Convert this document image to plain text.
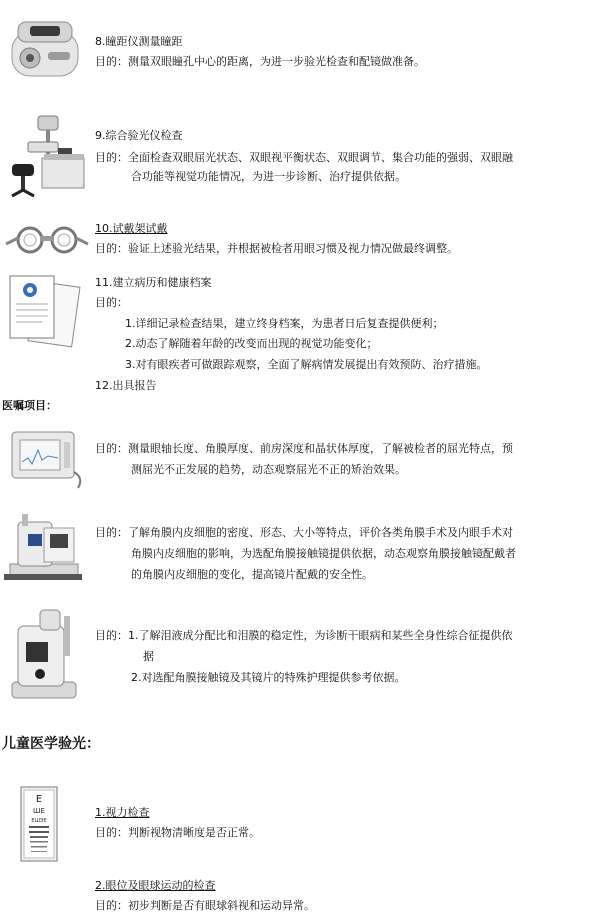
8.瞳距仪测量瞳距
目的：测量双眼瞳孔中心的距离，为进一步验光检查和配镜做准备。
9.综合验光仪检查
目的：全面检查双眼屈光状态、双眼视平衡状态、双眼调节、集合功能的强弱、双眼融
合功能等视觉功能情况，为进一步诊断、治疗提供依据。
10.试戴架试戴
目的：验证上述验光结果，并根据被检者用眼习惯及视力情况做最终调整。
11.建立病历和健康档案
目的：
1.详细记录检查结果，建立终身档案，为患者日后复查提供便利；
2.动态了解随着年龄的改变而出现的视觉功能变化；
3.对有眼疾者可做跟踪观察，全面了解病情发展提出有效预防、治疗措施。
12.出具报告
医嘱项目：
目的：测量眼轴长度、角膜厚度、前房深度和晶状体厚度，了解被检者的屈光特点，预
测屈光不正发展的趋势，动态观察屈光不正的矫治效果。
目的：了解角膜内皮细胞的密度、形态、大小等特点，评价各类角膜手术及内眼手术对
角膜内皮细胞的影响，为选配角膜接触镜提供依据，动态观察角膜接触镜配戴者
的角膜内皮细胞的变化，提高镜片配戴的安全性。
目的：1.了解泪液成分配比和泪膜的稳定性，为诊断干眼病和某些全身性综合征提供依
据
2.对选配角膜接触镜及其镜片的特殊护理提供参考依据。
儿童医学验光：
E
ШE
EШЭE
1.视力检查
目的：判断视物清晰度是否正常。
2.眼位及眼球运动的检查
目的：初步判断是否有眼球斜视和运动异常。
